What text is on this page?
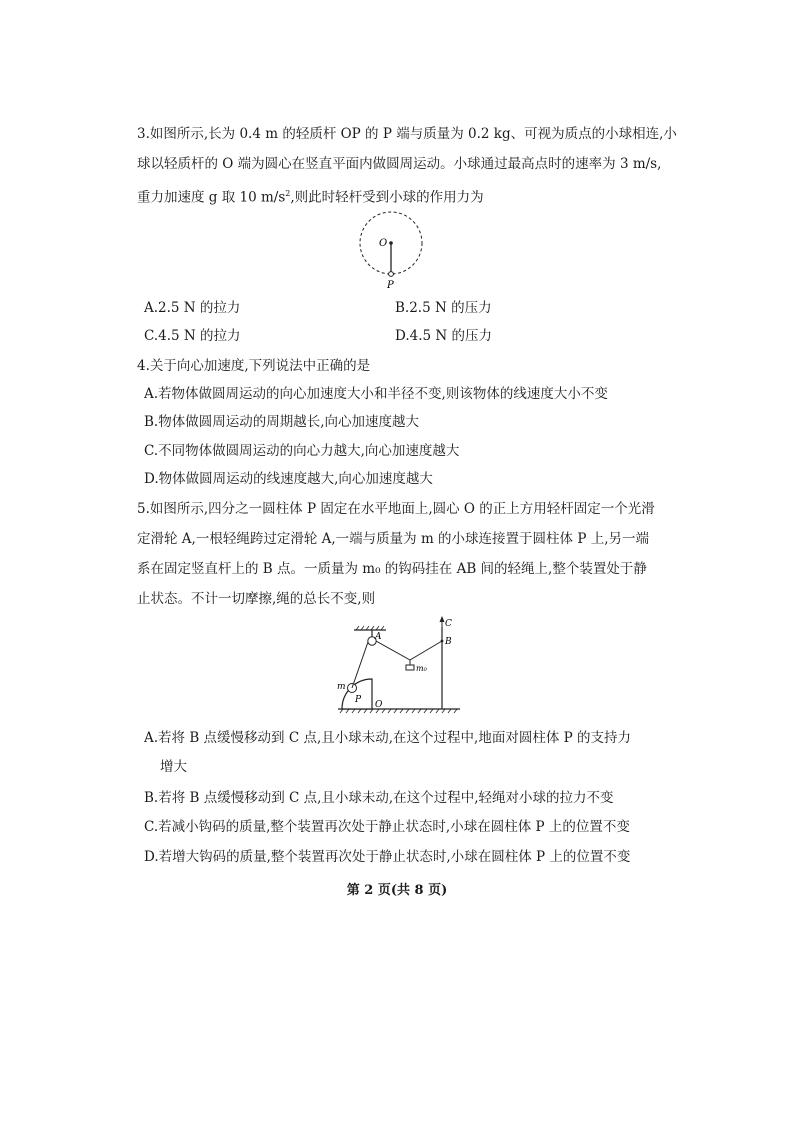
3.如图所示,长为 0.4 m 的轻质杆 OP 的 P 端与质量为 0.2 kg、可视为质点的小球相连,小
球以轻质杆的 O 端为圆心在竖直平面内做圆周运动。小球通过最高点时的速率为 3 m/s,
重力加速度 g 取 10 $m/s^2$,则此时轻杆受到小球的作用力为
O
P
A.2.5 N 的拉力	B.2.5 N 的压力
C.4.5 N 的拉力	D.4.5 N 的压力
4.关于向心加速度,下列说法中正确的是
A.若物体做圆周运动的向心加速度大小和半径不变,则该物体的线速度大小不变
B.物体做圆周运动的周期越长,向心加速度越大
C.不同物体做圆周运动的向心力越大,向心加速度越大
D.物体做圆周运动的线速度越大,向心加速度越大
5.如图所示,四分之一圆柱体 P 固定在水平地面上,圆心 O 的正上方用轻杆固定一个光滑
定滑轮 A,一根轻绳跨过定滑轮 A,一端与质量为 m 的小球连接置于圆柱体 P 上,另一端
系在固定竖直杆上的 B 点。一质量为 m₀ 的钩码挂在 AB 间的轻绳上,整个装置处于静
止状态。不计一切摩擦,绳的总长不变,则
A	B
C
m
P O
m₀
A.若将 B 点缓慢移动到 C 点,且小球未动,在这个过程中,地面对圆柱体 P 的支持力
增大
B.若将 B 点缓慢移动到 C 点,且小球未动,在这个过程中,轻绳对小球的拉力不变
C.若减小钩码的质量,整个装置再次处于静止状态时,小球在圆柱体 P 上的位置不变
D.若增大钩码的质量,整个装置再次处于静止状态时,小球在圆柱体 P 上的位置不变
第 2 页(共 8 页)
